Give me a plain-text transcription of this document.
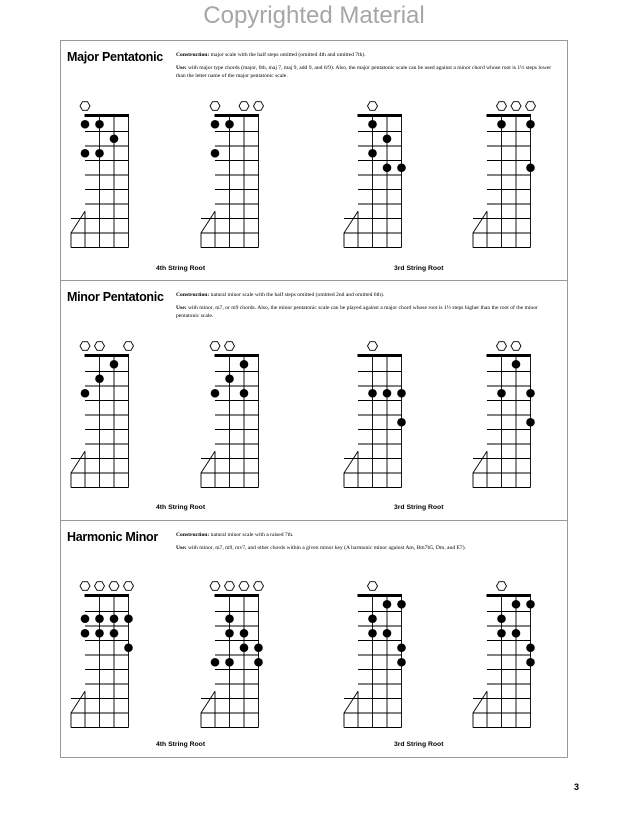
Copyrighted Material
Major Pentatonic Construction: major scale with the half steps omitted (omitted 4th and omitted 7th).
Use: with major type chords (major, 6th, maj 7, maj 9, add 9, and 6/9). Also, the major pentatonic scale can be used against a minor chord whose root is 1½ steps lower than the letter name of the major pentatonic scale.
4th String Root	3rd String Root
Minor Pentatonic Construction: natural minor scale with the half steps omitted (omitted 2nd and omitted 6th).
Use: with minor, m7, or m9 chords. Also, the minor pentatonic scale can be played against a major chord whose root is 1½ steps higher than the root of the minor pentatonic scale.
4th String Root	3rd String Root
Harmonic Minor	Construction: natural minor scale with a raised 7th.
Use: with minor, m7, m9, mv7, and other chords within a given minor key (A harmonic minor against Am, Bm7b5, Dm, and E7).
4th String Root	3rd String Root
3
